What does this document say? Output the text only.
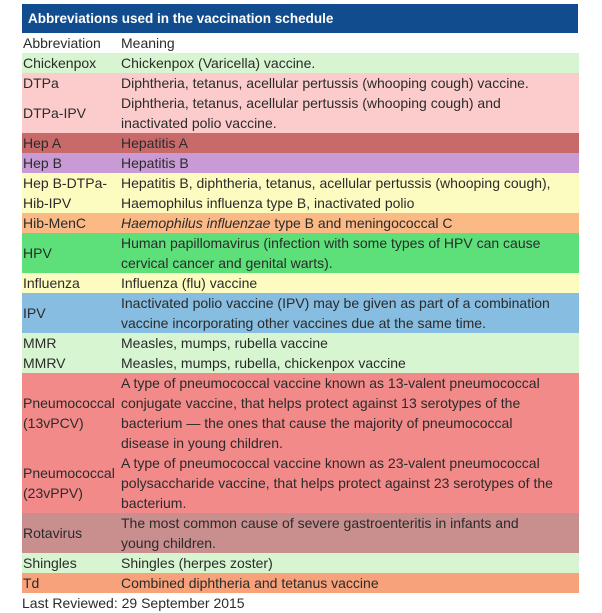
Abbreviations used in the vaccination schedule
Abbreviation	Meaning
Chickenpox	Chickenpox (Varicella) vaccine.
DTPa	Diphtheria, tetanus, acellular pertussis (whooping cough) vaccine.
DTPa-IPV	Diphtheria, tetanus, acellular pertussis (whooping cough) and
inactivated polio vaccine.
Hep A	Hepatitis A
Hep B	Hepatitis B
Hep B-DTPa-
Hib-IPV	Hepatitis B, diphtheria, tetanus, acellular pertussis (whooping cough),
Haemophilus influenza type B, inactivated polio
Hib-MenC	Haemophilus influenzae type B and meningococcal C
HPV	Human papillomavirus (infection with some types of HPV can cause
cervical cancer and genital warts).
Influenza	Influenza (flu) vaccine
IPV	Inactivated polio vaccine (IPV) may be given as part of a combination
vaccine incorporating other vaccines due at the same time.
MMR	Measles, mumps, rubella vaccine
MMRV	Measles, mumps, rubella, chickenpox vaccine
Pneumococcal
(13vPCV)	A type of pneumococcal vaccine known as 13-valent pneumococcal
conjugate vaccine, that helps protect against 13 serotypes of the
bacterium — the ones that cause the majority of pneumococcal
disease in young children.
Pneumococcal
(23vPPV)	A type of pneumococcal vaccine known as 23-valent pneumococcal
polysaccharide vaccine, that helps protect against 23 serotypes of the
bacterium.
Rotavirus	The most common cause of severe gastroenteritis in infants and
young children.
Shingles	Shingles (herpes zoster)
Td	Combined diphtheria and tetanus vaccine
Last Reviewed: 29 September 2015
